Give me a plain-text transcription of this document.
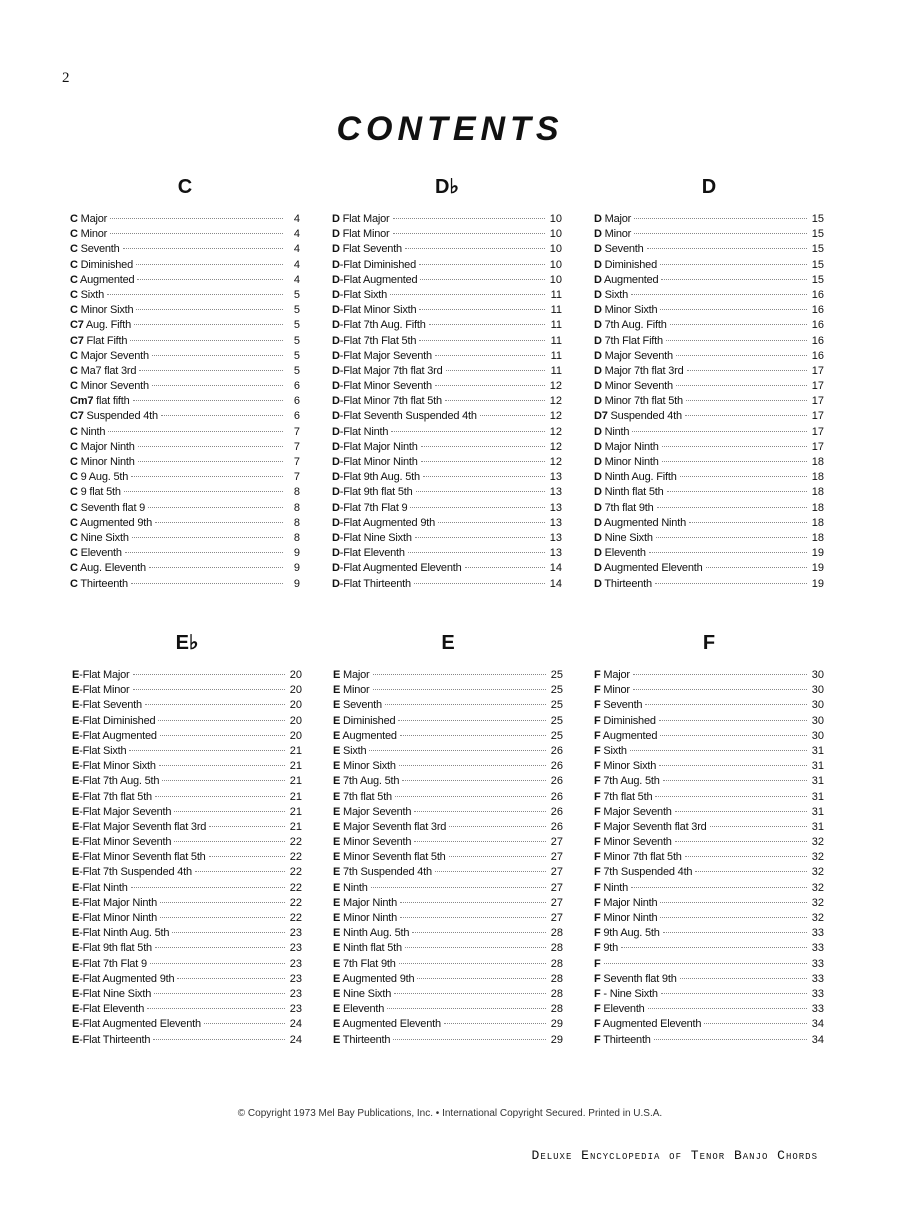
2
CONTENTS
C
C Major	4
C Minor	4
C Seventh	4
C Diminished	4
C Augmented	4
C Sixth	5
C Minor Sixth	5
C7 Aug. Fifth	5
C7 Flat Fifth	5
C Major Seventh	5
C Ma7 flat 3rd	5
C Minor Seventh	6
Cm7 flat fifth	6
C7 Suspended 4th	6
C Ninth	7
C Major Ninth	7
C Minor Ninth	7
C 9 Aug. 5th	7
C 9 flat 5th	8
C Seventh flat 9	8
C Augmented 9th	8
C Nine Sixth	8
C Eleventh	9
C Aug. Eleventh	9
C Thirteenth	9
D♭
D Flat Major	10
D Flat Minor	10
D Flat Seventh	10
D-Flat Diminished	10
D-Flat Augmented	10
D-Flat Sixth	11
D-Flat Minor Sixth	11
D-Flat 7th Aug. Fifth	11
D-Flat 7th Flat 5th	11
D-Flat Major Seventh	11
D-Flat Major 7th flat 3rd	11
D-Flat Minor Seventh	12
D-Flat Minor 7th flat 5th	12
D-Flat Seventh Suspended 4th	12
D-Flat Ninth	12
D-Flat Major Ninth	12
D-Flat Minor Ninth	12
D-Flat 9th Aug. 5th	13
D-Flat 9th flat 5th	13
D-Flat 7th Flat 9	13
D-Flat Augmented 9th	13
D-Flat Nine Sixth	13
D-Flat Eleventh	13
D-Flat Augmented Eleventh	14
D-Flat Thirteenth	14
D
D Major	15
D Minor	15
D Seventh	15
D Diminished	15
D Augmented	15
D Sixth	16
D Minor Sixth	16
D 7th Aug. Fifth	16
D 7th Flat Fifth	16
D Major Seventh	16
D Major 7th flat 3rd	17
D Minor Seventh	17
D Minor 7th flat 5th	17
D7 Suspended 4th	17
D Ninth	17
D Major Ninth	17
D Minor Ninth	18
D Ninth Aug. Fifth	18
D Ninth flat 5th	18
D 7th flat 9th	18
D Augmented Ninth	18
D Nine Sixth	18
D Eleventh	19
D Augmented Eleventh	19
D Thirteenth	19
E♭
E-Flat Major	20
E-Flat Minor	20
E-Flat Seventh	20
E-Flat Diminished	20
E-Flat Augmented	20
E-Flat Sixth	21
E-Flat Minor Sixth	21
E-Flat 7th Aug. 5th	21
E-Flat 7th flat 5th	21
E-Flat Major Seventh	21
E-Flat Major Seventh flat 3rd	21
E-Flat Minor Seventh	22
E-Flat Minor Seventh flat 5th	22
E-Flat 7th Suspended 4th	22
E-Flat Ninth	22
E-Flat Major Ninth	22
E-Flat Minor Ninth	22
E-Flat Ninth Aug. 5th	23
E-Flat 9th flat 5th	23
E-Flat 7th Flat 9	23
E-Flat Augmented 9th	23
E-Flat Nine Sixth	23
E-Flat Eleventh	23
E-Flat Augmented Eleventh	24
E-Flat Thirteenth	24
E
E Major	25
E Minor	25
E Seventh	25
E Diminished	25
E Augmented	25
E Sixth	26
E Minor Sixth	26
E 7th Aug. 5th	26
E 7th flat 5th	26
E Major Seventh	26
E Major Seventh flat 3rd	26
E Minor Seventh	27
E Minor Seventh flat 5th	27
E 7th Suspended 4th	27
E Ninth	27
E Major Ninth	27
E Minor Ninth	27
E Ninth Aug. 5th	28
E Ninth flat 5th	28
E 7th Flat 9th	28
E Augmented 9th	28
E Nine Sixth	28
E Eleventh	28
E Augmented Eleventh	29
E Thirteenth	29
F
F Major	30
F Minor	30
F Seventh	30
F Diminished	30
F Augmented	30
F Sixth	31
F Minor Sixth	31
F 7th Aug. 5th	31
F 7th flat 5th	31
F Major Seventh	31
F Major Seventh flat 3rd	31
F Minor Seventh	32
F Minor 7th flat 5th	32
F 7th Suspended 4th	32
F Ninth	32
F Major Ninth	32
F Minor Ninth	32
F 9th Aug. 5th	33
F 9th	33
F	33
F Seventh flat 9th	33
F - Nine Sixth	33
F Eleventh	33
F Augmented Eleventh	34
F Thirteenth	34
© Copyright 1973 Mel Bay Publications, Inc. • International Copyright Secured. Printed in U.S.A.
Deluxe Encyclopedia of Tenor Banjo Chords
